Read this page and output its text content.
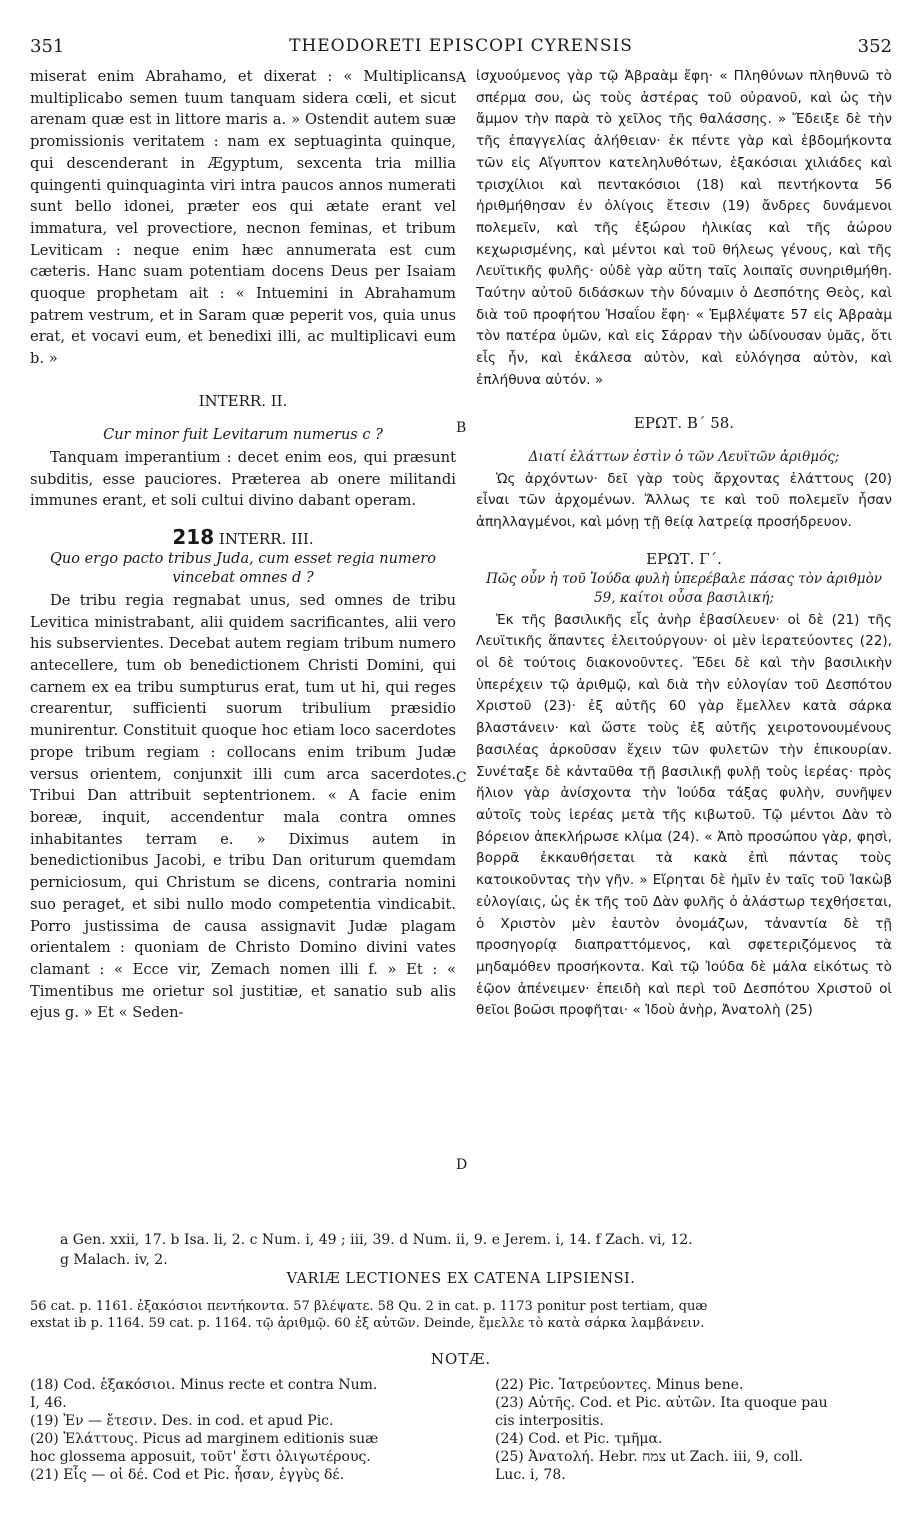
351	THEODORETI EPISCOPI CYRENSIS	352

miserat enim Abrahamo, et dixerat : « Multiplicans multiplicabo semen tuum tanquam sidera cœli, et sicut arenam quæ est in littore maris a. » Ostendit autem suæ promissionis veritatem : nam ex septuaginta quinque, qui descenderant in Ægyptum, sexcenta tria millia quingenti quinquaginta viri intra paucos annos numerati sunt bello idonei, præter eos qui ætate erant vel immatura, vel provectiore, necnon feminas, et tribum Leviticam : neque enim hæc annumerata est cum cæteris. Hanc suam potentiam docens Deus per Isaiam quoque prophetam ait : « Intuemini in Abrahamum patrem vestrum, et in Saram quæ peperit vos, quia unus erat, et vocavi eum, et benedixi illi, ac multiplicavi eum b. »

INTERR. II.

Cur minor fuit Levitarum numerus c ?

Tanquam imperantium : decet enim eos, qui præsunt subditis, esse pauciores. Præterea ab onere militandi immunes erant, et soli cultui divino dabant operam.

218 INTERR. III.

Quo ergo pacto tribus Juda, cum esset regia numero vincebat omnes d ?

De tribu regia regnabat unus, sed omnes de tribu Levitica ministrabant, alii quidem sacrificantes, alii vero his subservientes. Decebat autem regiam tribum numero antecellere, tum ob benedictionem Christi Domini, qui carnem ex ea tribu sumpturus erat, tum ut hi, qui reges crearentur, sufficienti suorum tribulium præsidio munirentur. Constituit quoque hoc etiam loco sacerdotes prope tribum regiam : collocans enim tribum Judæ versus orientem, conjunxit illi cum arca sacerdotes. Tribui Dan attribuit septentrionem. « A facie enim boreæ, inquit, accendentur mala contra omnes inhabitantes terram e. » Diximus autem in benedictionibus Jacobi, e tribu Dan oriturum quemdam perniciosum, qui Christum se dicens, contraria nomini suo peraget, et sibi nullo modo competentia vindicabit. Porro justissima de causa assignavit Judæ plagam orientalem : quoniam de Christo Domino divini vates clamant : « Ecce vir, Zemach nomen illi f. » Et : « Timentibus me orietur sol justitiæ, et sanatio sub alis ejus g. » Et « Seden-

A
B
C
D

ἰσχυούμενος γὰρ τῷ Ἀβραὰμ ἔφη· « Πληθύνων πληθυνῶ τὸ σπέρμα σου, ὡς τοὺς ἀστέρας τοῦ οὐρανοῦ, καὶ ὡς τὴν ἄμμον τὴν παρὰ τὸ χεῖλος τῆς θαλάσσης. » Ἔδειξε δὲ τὴν τῆς ἐπαγγελίας ἀλήθειαν· ἐκ πέντε γὰρ καὶ ἑβδομήκοντα τῶν εἰς Αἴγυπτον κατεληλυθότων, ἑξακόσιαι χιλιάδες καὶ τρισχίλιοι καὶ πεντακόσιοι (18) καὶ πεντήκοντα 56 ἠριθμήθησαν ἐν ὀλίγοις ἔτεσιν (19) ἄνδρες δυνάμενοι πολεμεῖν, καὶ τῆς ἐξώρου ἡλικίας καὶ τῆς ἀώρου κεχωρισμένης, καὶ μέντοι καὶ τοῦ θήλεως γένους, καὶ τῆς Λευϊτικῆς φυλῆς· οὐδὲ γὰρ αὕτη ταῖς λοιπαῖς συνηριθμήθη. Ταύτην αὐτοῦ διδάσκων τὴν δύναμιν ὁ Δεσπότης Θεὸς, καὶ διὰ τοῦ προφήτου Ἡσαΐου ἔφη· « Ἐμβλέψατε 57 εἰς Ἀβραὰμ τὸν πατέρα ὑμῶν, καὶ εἰς Σάρραν τὴν ὠδίνουσαν ὑμᾶς, ὅτι εἷς ἦν, καὶ ἐκάλεσα αὐτὸν, καὶ εὐλόγησα αὐτὸν, καὶ ἐπλήθυνα αὐτόν. »

ΕΡΩΤ. Β΄ 58.

Διατί ἐλάττων ἐστὶν ὁ τῶν Λευϊτῶν ἀριθμός;

Ὡς ἀρχόντων· δεῖ γὰρ τοὺς ἄρχοντας ἐλάττους (20) εἶναι τῶν ἀρχομένων. Ἄλλως τε καὶ τοῦ πολεμεῖν ἦσαν ἀπηλλαγμένοι, καὶ μόνῃ τῇ θείᾳ λατρείᾳ προσήδρευον.

ΕΡΩΤ. Γ΄.

Πῶς οὖν ἡ τοῦ Ἰούδα φυλὴ ὑπερέβαλε πάσας τὸν ἀριθμὸν 59, καίτοι οὖσα βασιλική;

Ἐκ τῆς βασιλικῆς εἷς ἀνὴρ ἐβασίλευεν· οἱ δὲ (21) τῆς Λευϊτικῆς ἅπαντες ἐλειτούργουν· οἱ μὲν ἱερατεύοντες (22), οἱ δὲ τούτοις διακονοῦντες. Ἔδει δὲ καὶ τὴν βασιλικὴν ὑπερέχειν τῷ ἀριθμῷ, καὶ διὰ τὴν εὐλογίαν τοῦ Δεσπότου Χριστοῦ (23)· ἐξ αὐτῆς 60 γὰρ ἔμελλεν κατὰ σάρκα βλαστάνειν· καὶ ὥστε τοὺς ἐξ αὐτῆς χειροτονουμένους βασιλέας ἀρκοῦσαν ἔχειν τῶν φυλετῶν τὴν ἐπικουρίαν. Συνέταξε δὲ κἀνταῦθα τῇ βασιλικῇ φυλῇ τοὺς ἱερέας· πρὸς ἥλιον γὰρ ἀνίσχοντα τὴν Ἰούδα τάξας φυλὴν, συνῆψεν αὐτοῖς τοὺς ἱερέας μετὰ τῆς κιβωτοῦ. Τῷ μέντοι Δὰν τὸ βόρειον ἀπεκλήρωσε κλίμα (24). « Ἀπὸ προσώπου γὰρ, φησὶ, βορρᾶ ἐκκαυθήσεται τὰ κακὰ ἐπὶ πάντας τοὺς κατοικοῦντας τὴν γῆν. » Εἴρηται δὲ ἡμῖν ἐν ταῖς τοῦ Ἰακὼβ εὐλογίαις, ὡς ἐκ τῆς τοῦ Δὰν φυλῆς ὁ ἀλάστωρ τεχθήσεται, ὁ Χριστὸν μὲν ἑαυτὸν ὀνομάζων, τἀναντία δὲ τῇ προσηγορίᾳ διαπραττόμενος, καὶ σφετεριζόμενος τὰ μηδαμόθεν προσήκοντα. Καὶ τῷ Ἰούδα δὲ μάλα εἰκότως τὸ ἑῷον ἀπένειμεν· ἐπειδὴ καὶ περὶ τοῦ Δεσπότου Χριστοῦ οἱ θεῖοι βοῶσι προφῆται· « Ἰδοὺ ἀνὴρ, Ἀνατολὴ (25)

a Gen. xxii, 17. b Isa. li, 2. c Num. i, 49 ; iii, 39. d Num. ii, 9. e Jerem. i, 14. f Zach. vi, 12.

g Malach. iv, 2.

VARIÆ LECTIONES EX CATENA LIPSIENSI.

56 cat. p. 1161. ἑξακόσιοι πεντήκοντα. 57 βλέψατε. 58 Qu. 2 in cat. p. 1173 ponitur post tertiam, quæ

exstat ib p. 1164. 59 cat. p. 1164. τῷ ἀριθμῷ. 60 ἐξ αὐτῶν. Deinde, ἔμελλε τὸ κατὰ σάρκα λαμβάνειν.

NOTÆ.

(18) Cod. ἑξακόσιοι. Minus recte et contra Num.

I, 46.

(19) Ἐν — ἔτεσιν. Des. in cod. et apud Pic.

(20) Ἐλάττους. Picus ad marginem editionis suæ

hoc glossema apposuit, τοῦτ' ἔστι ὀλιγωτέρους.

(21) Εἷς — οἱ δέ. Cod et Pic. ἦσαν, ἐγγὺς δέ.

(22) Pic. Ἰατρεύοντες. Minus bene.

(23) Αὐτῆς. Cod. et Pic. αὐτῶν. Ita quoque pau

cis interpositis.

(24) Cod. et Pic. τμῆμα.

(25) Ἀνατολή. Hebr. צמח ut Zach. iii, 9, coll.

Luc. i, 78.
